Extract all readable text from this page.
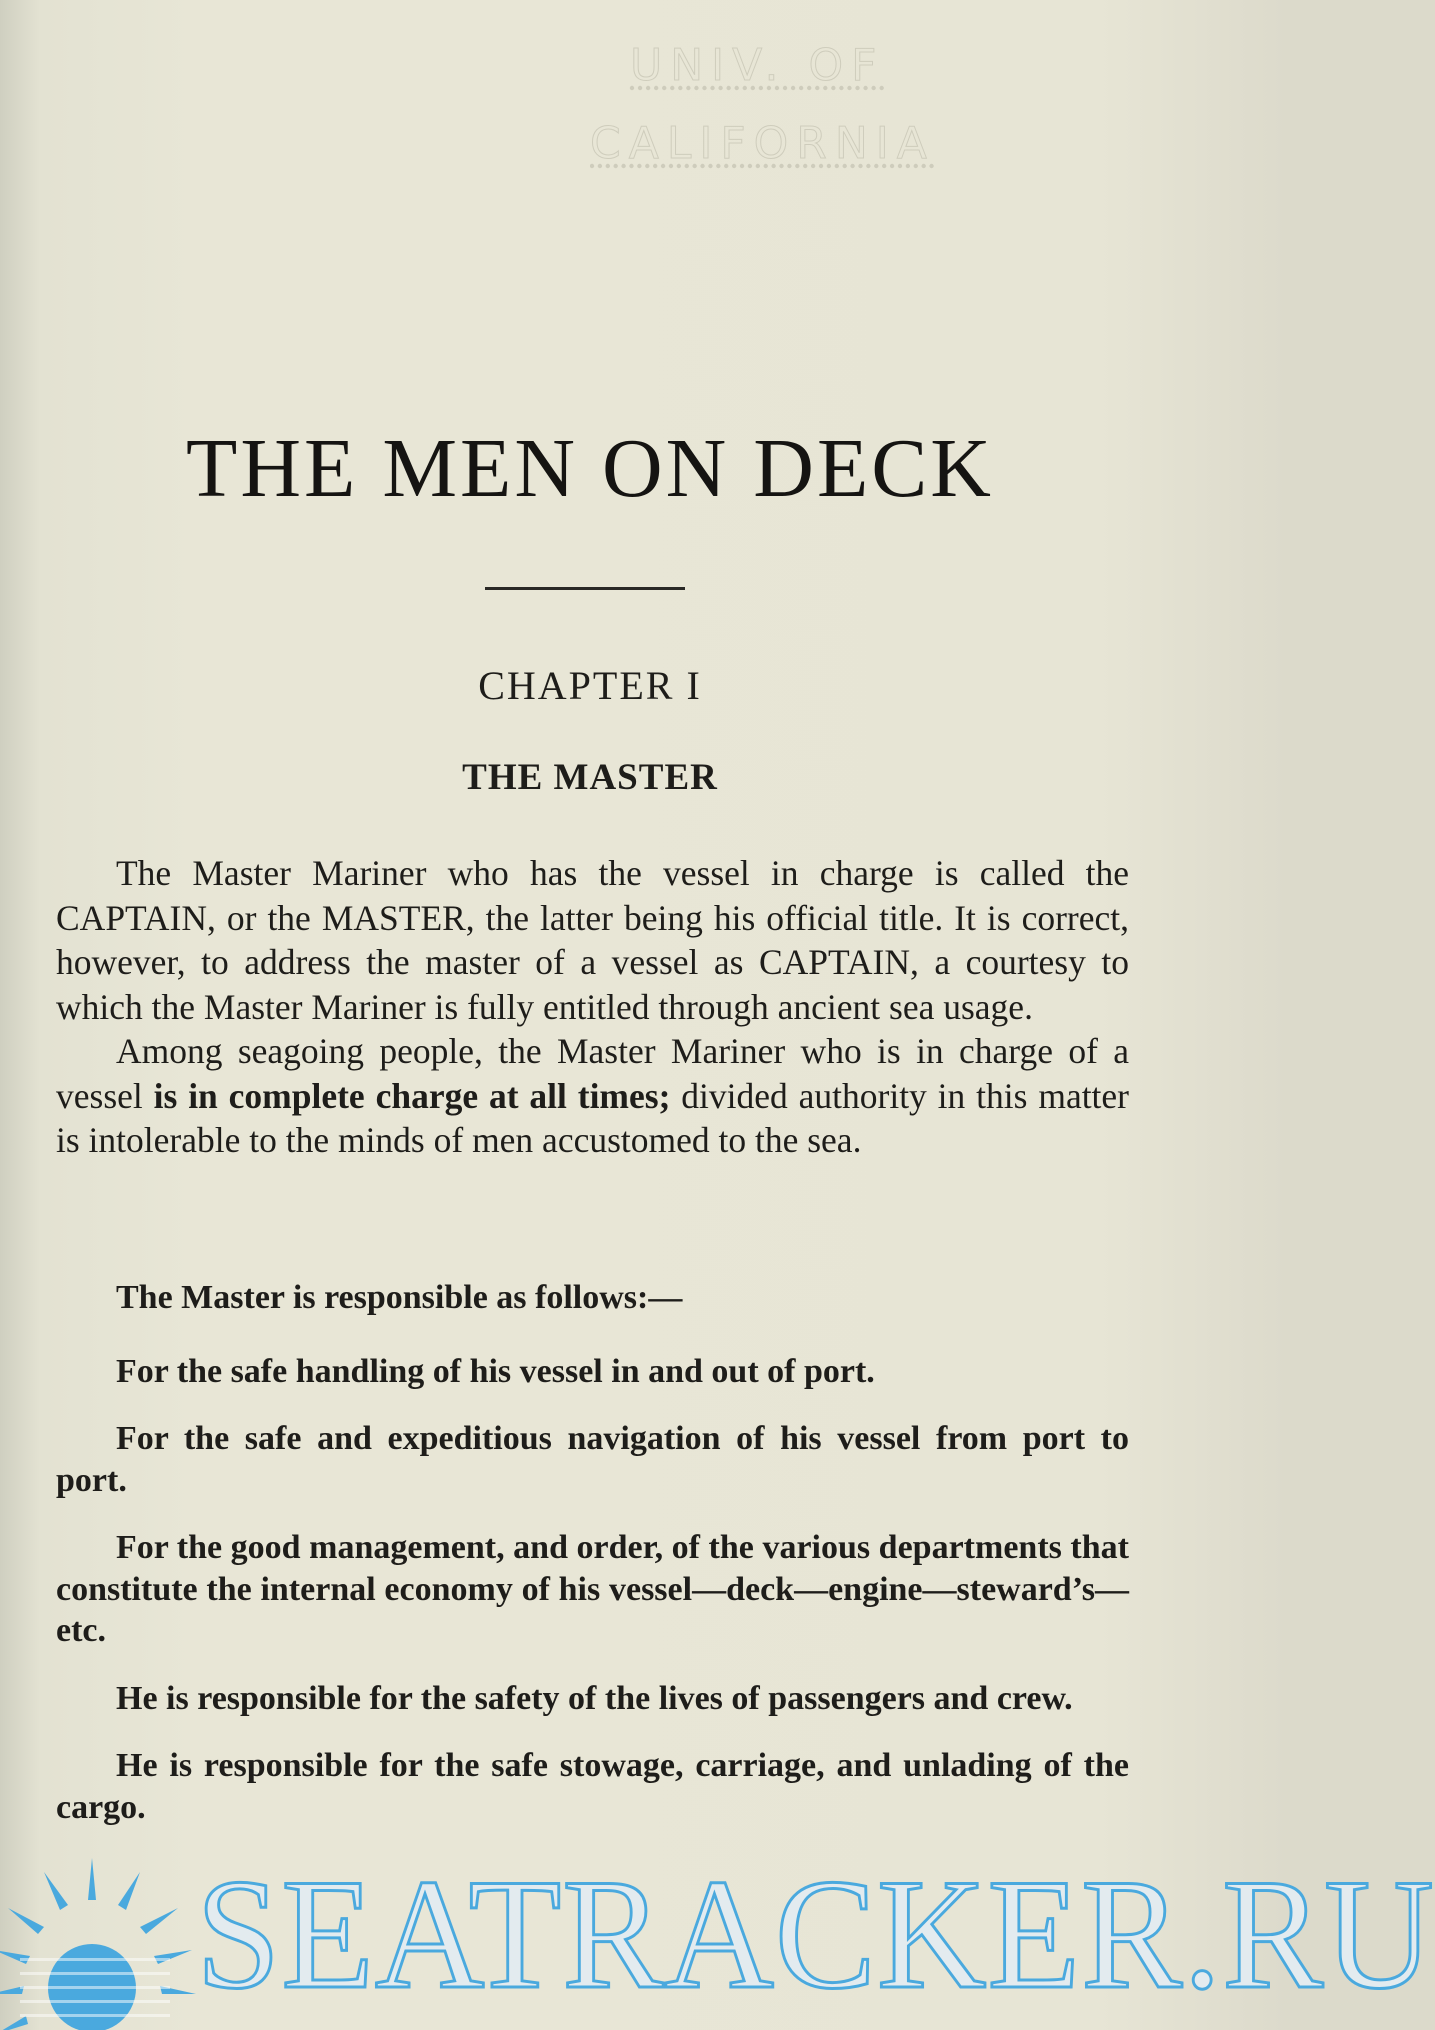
UNIV. OF
CALIFORNIA
THE MEN ON DECK
CHAPTER I
THE MASTER

The Master Mariner who has the vessel in charge is called the CAPTAIN, or the MASTER, the latter being his official title. It is correct, however, to address the master of a vessel as CAPTAIN, a courtesy to which the Master Mariner is fully entitled through ancient sea usage.

Among seagoing people, the Master Mariner who is in charge of a vessel is in complete charge at all times; divided authority in this matter is intolerable to the minds of men accustomed to the sea.

The Master is responsible as follows:—

For the safe handling of his vessel in and out of port.

For the safe and expeditious navigation of his vessel from port to port.

For the good management, and order, of the various departments that constitute the internal economy of his vessel—deck—engine—steward’s—etc.

He is responsible for the safety of the lives of passengers and crew.

He is responsible for the safe stowage, carriage, and unlading of the cargo.

SEATRACKER.RU
